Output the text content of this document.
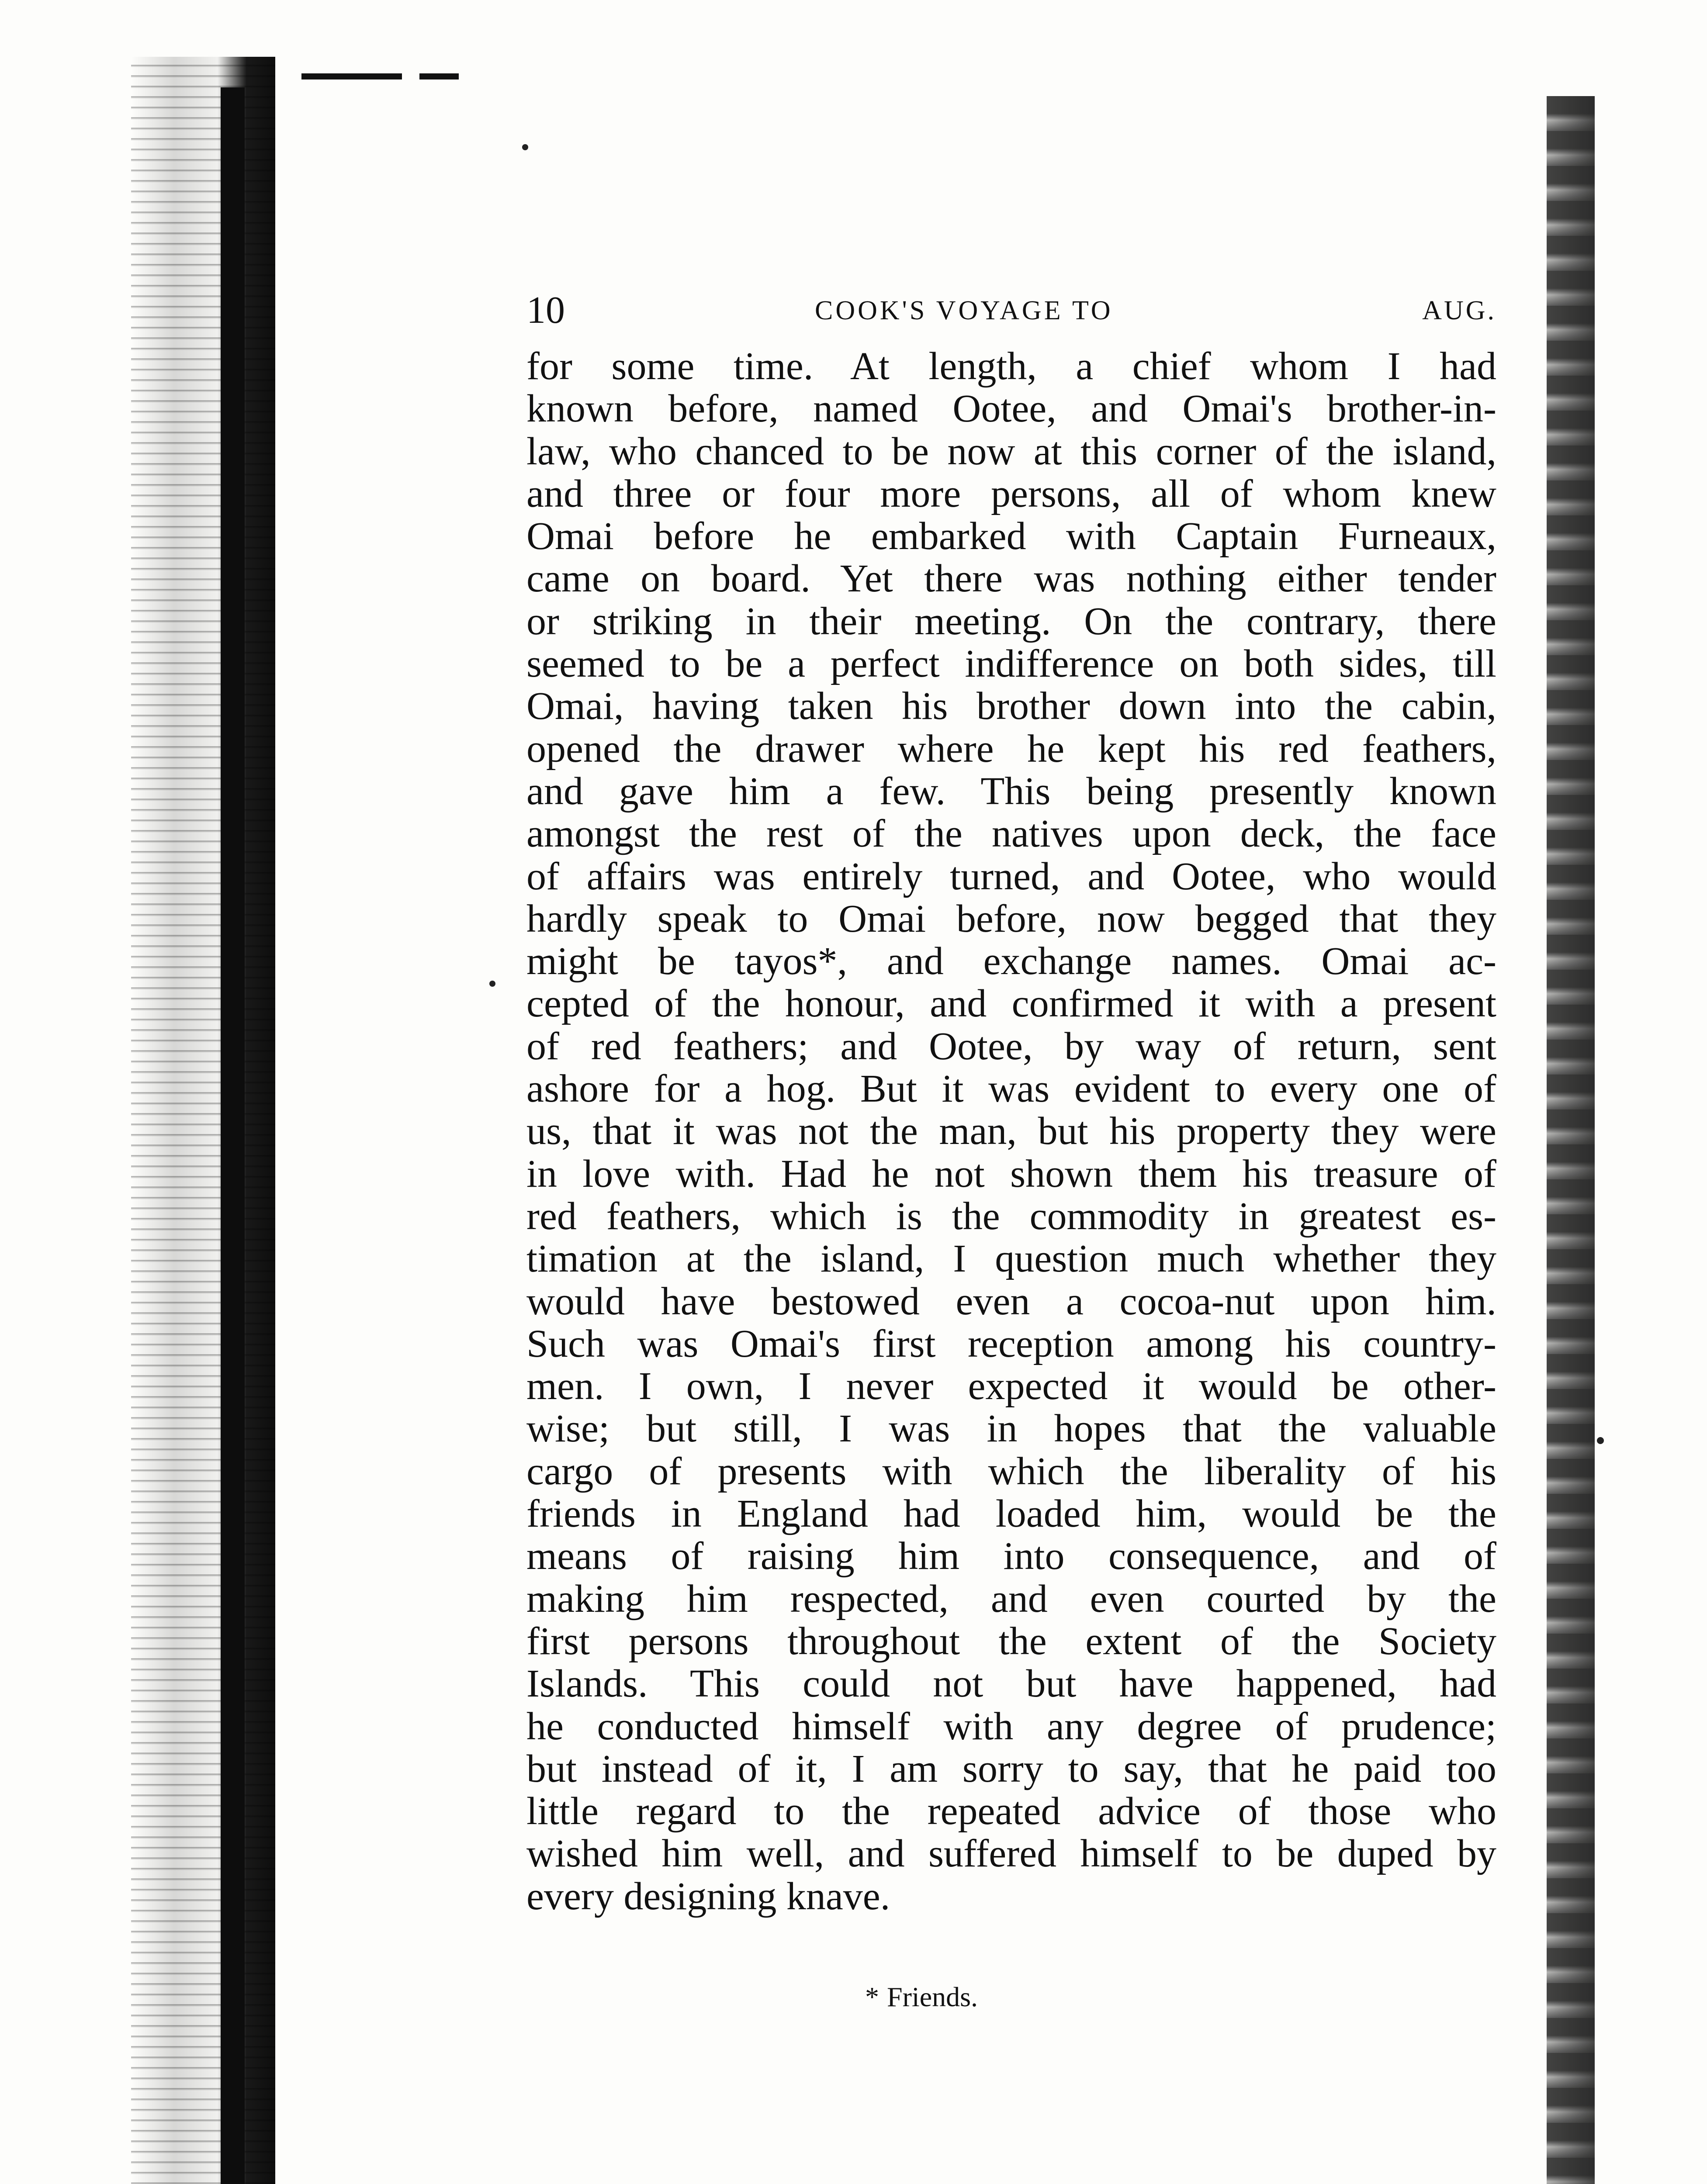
10	COOK'S VOYAGE TO	AUG.
for some time. At length, a chief whom I had
known before, named Ootee, and Omai's brother-in-
law, who chanced to be now at this corner of the island,
and three or four more persons, all of whom knew
Omai before he embarked with Captain Furneaux,
came on board. Yet there was nothing either tender
or striking in their meeting. On the contrary, there
seemed to be a perfect indifference on both sides, till
Omai, having taken his brother down into the cabin,
opened the drawer where he kept his red feathers,
and gave him a few. This being presently known
amongst the rest of the natives upon deck, the face
of affairs was entirely turned, and Ootee, who would
hardly speak to Omai before, now begged that they
might be tayos*, and exchange names. Omai ac-
cepted of the honour, and confirmed it with a present
of red feathers; and Ootee, by way of return, sent
ashore for a hog. But it was evident to every one of
us, that it was not the man, but his property they were
in love with. Had he not shown them his treasure of
red feathers, which is the commodity in greatest es-
timation at the island, I question much whether they
would have bestowed even a cocoa-nut upon him.
Such was Omai's first reception among his country-
men. I own, I never expected it would be other-
wise; but still, I was in hopes that the valuable
cargo of presents with which the liberality of his
friends in England had loaded him, would be the
means of raising him into consequence, and of
making him respected, and even courted by the
first persons throughout the extent of the Society
Islands. This could not but have happened, had
he conducted himself with any degree of prudence;
but instead of it, I am sorry to say, that he paid too
little regard to the repeated advice of those who
wished him well, and suffered himself to be duped by
every designing knave.
* Friends.
